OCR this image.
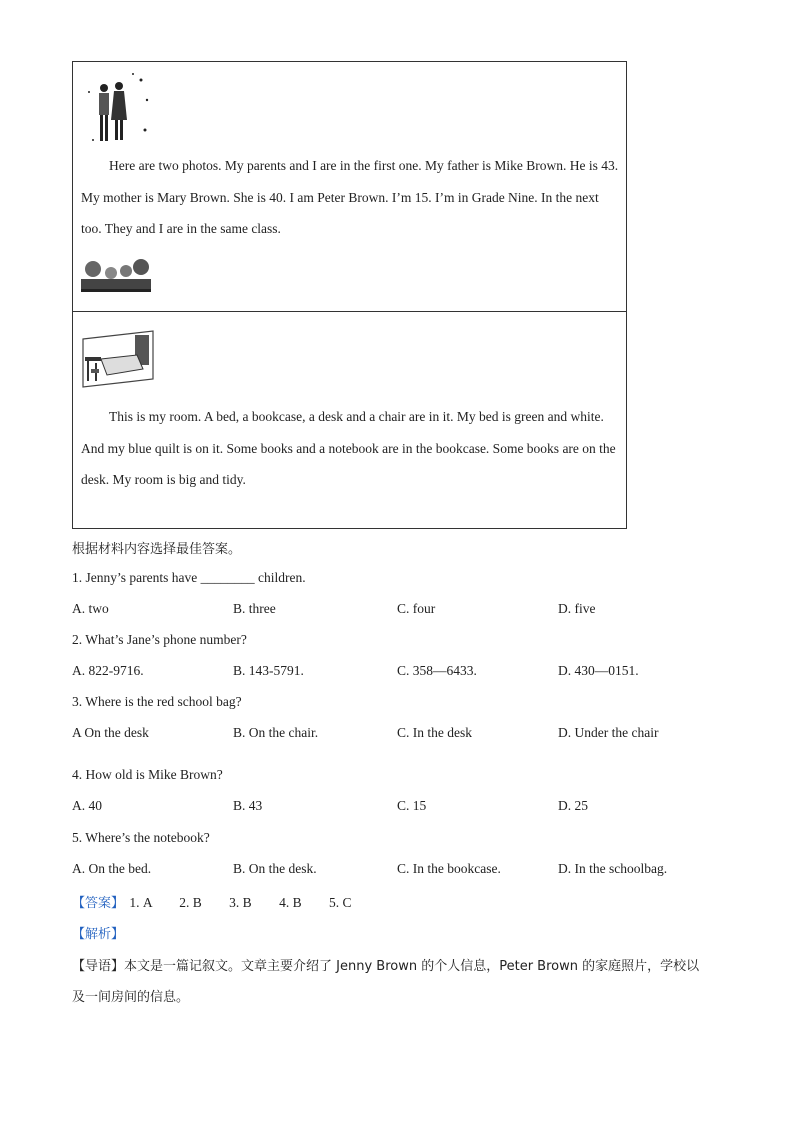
Here are two photos. My parents and I are in the first one. My father is Mike Brown. He is 43. My mother is Mary Brown. She is 40. I am Peter Brown. I’m 15. I’m in Grade Nine. In the next too. They and I are in the same class.

This is my room. A bed, a bookcase, a desk and a chair are in it. My bed is green and white. And my blue quilt is on it. Some books and a notebook are in the bookcase. Some books are on the desk. My room is big and tidy.

根据材料内容选择最佳答案。
1. Jenny’s parents have ________ children.
A. two	B. three	C. four	D. five
2. What’s Jane’s phone number?
A. 822-9716.	B. 143-5791.	C. 358—6433.	D. 430—0151.
3. Where is the red school bag?
A On the desk	B. On the chair.	C. In the desk	D. Under the chair
4. How old is Mike Brown?
A. 40	B. 43	C. 15	D. 25
5. Where’s the notebook?
A. On the bed.	B. On the desk.	C. In the bookcase.	D. In the schoolbag.
【答案】 1. A 2. B 3. B 4. B 5. C
【解析】
【导语】本文是一篇记叙文。文章主要介绍了 Jenny Brown 的个人信息，Peter Brown 的家庭照片，学校以
及一间房间的信息。
